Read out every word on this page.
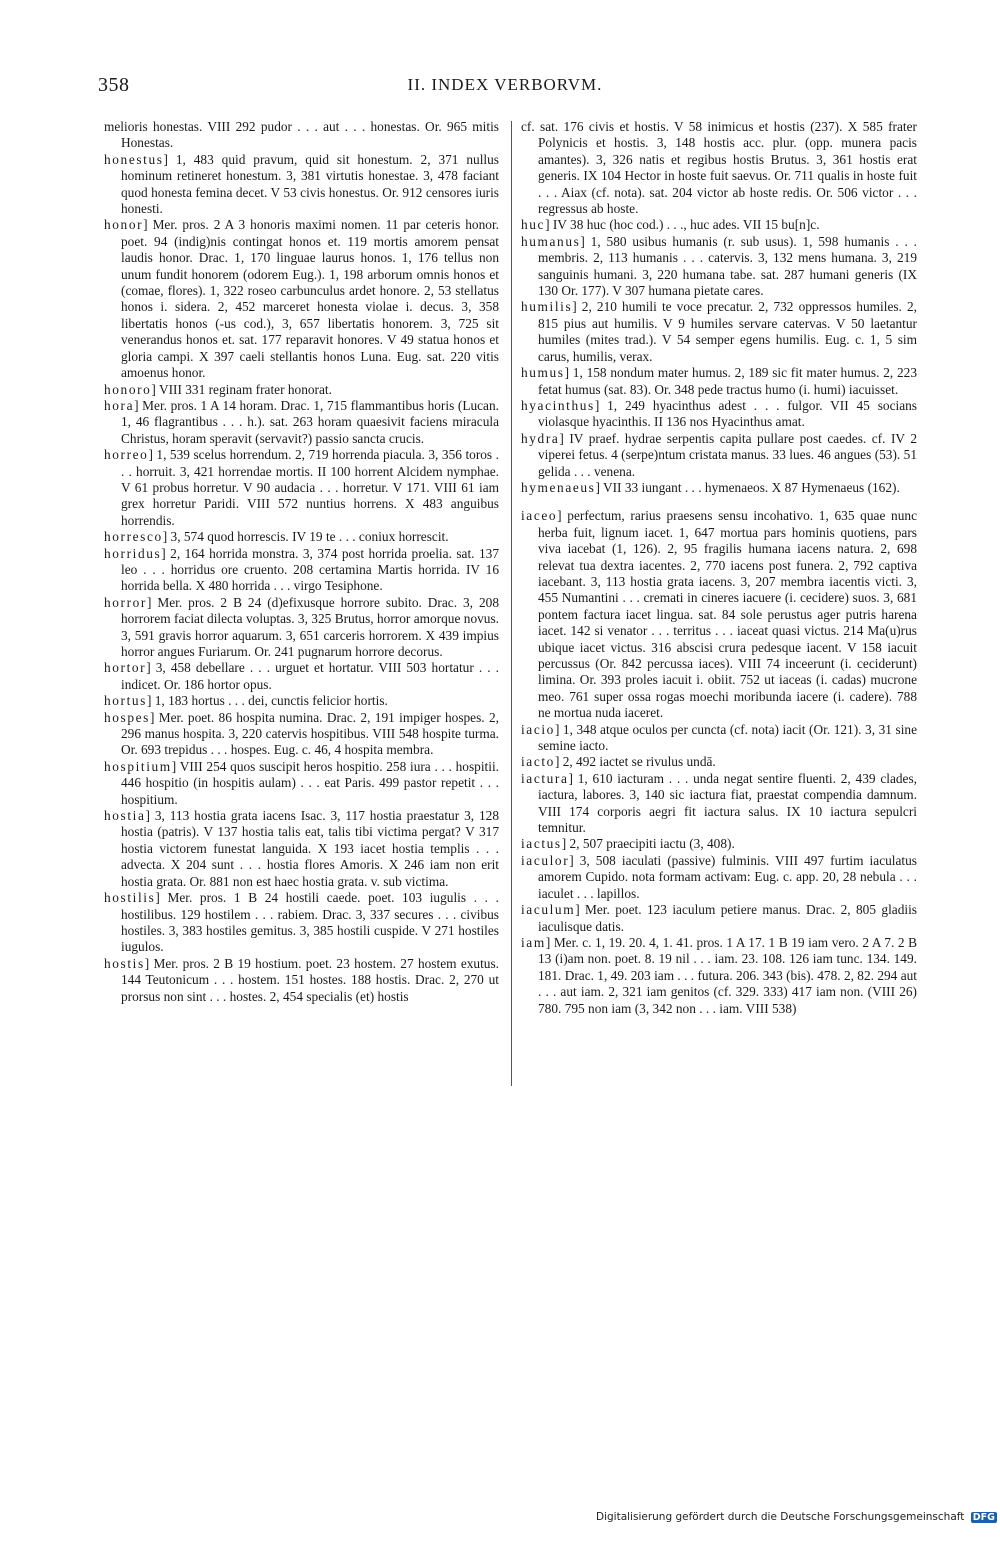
358	II. INDEX VERBORVM.

melioris honestas. VIII 292 pudor . . . aut . . . honestas. Or. 965 mitis Honestas.

honestus] 1, 483 quid pravum, quid sit honestum. 2, 371 nullus hominum retineret honestum. 3, 381 virtutis honestae. 3, 478 faciant quod honesta femina decet. V 53 civis honestus. Or. 912 censores iuris honesti.

honor] Mer. pros. 2 A 3 honoris maximi nomen. 11 par ceteris honor. poet. 94 (indig)nis contingat honos et. 119 mortis amorem pensat laudis honor. Drac. 1, 170 linguae laurus honos. 1, 176 tellus non unum fundit honorem (odorem Eug.). 1, 198 arborum omnis honos et (comae, flores). 1, 322 roseo carbunculus ardet honore. 2, 53 stellatus honos i. sidera. 2, 452 marceret honesta violae i. decus. 3, 358 libertatis honos (-us cod.), 3, 657 libertatis honorem. 3, 725 sit venerandus honos et. sat. 177 reparavit honores. V 49 statua honos et gloria campi. X 397 caeli stellantis honos Luna. Eug. sat. 220 vitis amoenus honor.

honoro] VIII 331 reginam frater honorat.

hora] Mer. pros. 1 A 14 horam. Drac. 1, 715 flammantibus horis (Lucan. 1, 46 flagrantibus . . . h.). sat. 263 horam quaesivit faciens miracula Christus, horam speravit (servavit?) passio sancta crucis.

horreo] 1, 539 scelus horrendum. 2, 719 horrenda piacula. 3, 356 toros . . . horruit. 3, 421 horrendae mortis. II 100 horrent Alcidem nymphae. V 61 probus horretur. V 90 audacia . . . horretur. V 171. VIII 61 iam grex horretur Paridi. VIII 572 nuntius horrens. X 483 anguibus horrendis.

horresco] 3, 574 quod horrescis. IV 19 te . . . coniux horrescit.

horridus] 2, 164 horrida monstra. 3, 374 post horrida proelia. sat. 137 leo . . . horridus ore cruento. 208 certamina Martis horrida. IV 16 horrida bella. X 480 horrida . . . virgo Tesiphone.

horror] Mer. pros. 2 B 24 (d)efixusque horrore subito. Drac. 3, 208 horrorem faciat dilecta voluptas. 3, 325 Brutus, horror amorque novus. 3, 591 gravis horror aquarum. 3, 651 carceris horrorem. X 439 impius horror angues Furiarum. Or. 241 pugnarum horrore decorus.

hortor] 3, 458 debellare . . . urguet et hortatur. VIII 503 hortatur . . . indicet. Or. 186 hortor opus.

hortus] 1, 183 hortus . . . dei, cunctis felicior hortis.

hospes] Mer. poet. 86 hospita numina. Drac. 2, 191 impiger hospes. 2, 296 manus hospita. 3, 220 catervis hospitibus. VIII 548 hospite turma. Or. 693 trepidus . . . hospes. Eug. c. 46, 4 hospita membra.

hospitium] VIII 254 quos suscipit heros hospitio. 258 iura . . . hospitii. 446 hospitio (in hospitis aulam) . . . eat Paris. 499 pastor repetit . . . hospitium.

hostia] 3, 113 hostia grata iacens Isac. 3, 117 hostia praestatur 3, 128 hostia (patris). V 137 hostia talis eat, talis tibi victima pergat? V 317 hostia victorem funestat languida. X 193 iacet hostia templis . . . advecta. X 204 sunt . . . hostia flores Amoris. X 246 iam non erit hostia grata. Or. 881 non est haec hostia grata. v. sub victima.

hostilis] Mer. pros. 1 B 24 hostili caede. poet. 103 iugulis . . . hostilibus. 129 hostilem . . . rabiem. Drac. 3, 337 secures . . . civibus hostiles. 3, 383 hostiles gemitus. 3, 385 hostili cuspide. V 271 hostiles iugulos.

hostis] Mer. pros. 2 B 19 hostium. poet. 23 hostem. 27 hostem exutus. 144 Teutonicum . . . hostem. 151 hostes. 188 hostis. Drac. 2, 270 ut prorsus non sint . . . hostes. 2, 454 specialis (et) hostis

cf. sat. 176 civis et hostis. V 58 inimicus et hostis (237). X 585 frater Polynicis et hostis. 3, 148 hostis acc. plur. (opp. munera pacis amantes). 3, 326 natis et regibus hostis Brutus. 3, 361 hostis erat generis. IX 104 Hector in hoste fuit saevus. Or. 711 qualis in hoste fuit . . . Aiax (cf. nota). sat. 204 victor ab hoste redis. Or. 506 victor . . . regressus ab hoste.

huc] IV 38 huc (hoc cod.) . . ., huc ades. VII 15 bu[n]c.

humanus] 1, 580 usibus humanis (r. sub usus). 1, 598 humanis . . . membris. 2, 113 humanis . . . catervis. 3, 132 mens humana. 3, 219 sanguinis humani. 3, 220 humana tabe. sat. 287 humani generis (IX 130 Or. 177). V 307 humana pietate cares.

humilis] 2, 210 humili te voce precatur. 2, 732 oppressos humiles. 2, 815 pius aut humilis. V 9 humiles servare catervas. V 50 laetantur humiles (mites trad.). V 54 semper egens humilis. Eug. c. 1, 5 sim carus, humilis, verax.

humus] 1, 158 nondum mater humus. 2, 189 sic fit mater humus. 2, 223 fetat humus (sat. 83). Or. 348 pede tractus humo (i. humi) iacuisset.

hyacinthus] 1, 249 hyacinthus adest . . . fulgor. VII 45 socians violasque hyacinthis. II 136 nos Hyacinthus amat.

hydra] IV praef. hydrae serpentis capita pullare post caedes. cf. IV 2 viperei fetus. 4 (serpe)ntum cristata manus. 33 lues. 46 angues (53). 51 gelida . . . venena.

hymenaeus] VII 33 iungant . . . hymenaeos. X 87 Hymenaeus (162).

iaceo] perfectum, rarius praesens sensu incohativo. 1, 635 quae nunc herba fuit, lignum iacet. 1, 647 mortua pars hominis quotiens, pars viva iacebat (1, 126). 2, 95 fragilis humana iacens natura. 2, 698 relevat tua dextra iacentes. 2, 770 iacens post funera. 2, 792 captiva iacebant. 3, 113 hostia grata iacens. 3, 207 membra iacentis victi. 3, 455 Numantini . . . cremati in cineres iacuere (i. cecidere) suos. 3, 681 pontem factura iacet lingua. sat. 84 sole perustus ager putris harena iacet. 142 si venator . . . territus . . . iaceat quasi victus. 214 Ma(u)rus ubique iacet victus. 316 abscisi crura pedesque iacent. V 158 iacuit percussus (Or. 842 percussa iaces). VIII 74 inceerunt (i. ceciderunt) limina. Or. 393 proles iacuit i. obiit. 752 ut iaceas (i. cadas) mucrone meo. 761 super ossa rogas moechi moribunda iacere (i. cadere). 788 ne mortua nuda iaceret.

iacio] 1, 348 atque oculos per cuncta (cf. nota) iacit (Or. 121). 3, 31 sine semine iacto.

iacto] 2, 492 iactet se rivulus undā.

iactura] 1, 610 iacturam . . . unda negat sentire fluenti. 2, 439 clades, iactura, labores. 3, 140 sic iactura fiat, praestat compendia damnum. VIII 174 corporis aegri fit iactura salus. IX 10 iactura sepulcri temnitur.

iactus] 2, 507 praecipiti iactu (3, 408).

iaculor] 3, 508 iaculati (passive) fulminis. VIII 497 furtim iaculatus amorem Cupido. nota formam activam: Eug. c. app. 20, 28 nebula . . . iaculet . . . lapillos.

iaculum] Mer. poet. 123 iaculum petiere manus. Drac. 2, 805 gladiis iaculisque datis.

iam] Mer. c. 1, 19. 20. 4, 1. 41. pros. 1 A 17. 1 B 19 iam vero. 2 A 7. 2 B 13 (i)am non. poet. 8. 19 nil . . . iam. 23. 108. 126 iam tunc. 134. 149. 181. Drac. 1, 49. 203 iam . . . futura. 206. 343 (bis). 478. 2, 82. 294 aut . . . aut iam. 2, 321 iam genitos (cf. 329. 333) 417 iam non. (VIII 26) 780. 795 non iam (3, 342 non . . . iam. VIII 538)

Digitalisierung gefördert durch die Deutsche Forschungsgemeinschaft DFG
